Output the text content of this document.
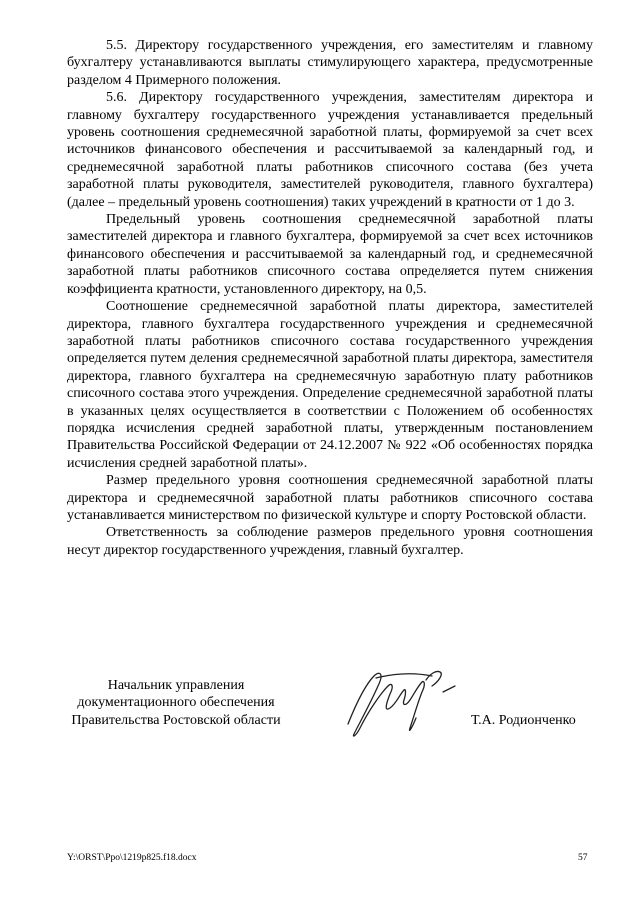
5.5. Директору государственного учреждения, его заместителям и главному бухгалтеру устанавливаются выплаты стимулирующего характера, предусмотренные разделом 4 Примерного положения.

5.6. Директору государственного учреждения, заместителям директора и главному бухгалтеру государственного учреждения устанавливается предельный уровень соотношения среднемесячной заработной платы, формируемой за счет всех источников финансового обеспечения и рассчитываемой за календарный год, и среднемесячной заработной платы работников списочного состава (без учета заработной платы руководителя, заместителей руководителя, главного бухгалтера) (далее – предельный уровень соотношения) таких учреждений в кратности от 1 до 3.

Предельный уровень соотношения среднемесячной заработной платы заместителей директора и главного бухгалтера, формируемой за счет всех источников финансового обеспечения и рассчитываемой за календарный год, и среднемесячной заработной платы работников списочного состава определяется путем снижения коэффициента кратности, установленного директору, на 0,5.

Соотношение среднемесячной заработной платы директора, заместителей директора, главного бухгалтера государственного учреждения и среднемесячной заработной платы работников списочного состава государственного учреждения определяется путем деления среднемесячной заработной платы директора, заместителя директора, главного бухгалтера на среднемесячную заработную плату работников списочного состава этого учреждения. Определение среднемесячной заработной платы в указанных целях осуществляется в соответствии с Положением об особенностях порядка исчисления средней заработной платы, утвержденным постановлением Правительства Российской Федерации от 24.12.2007 № 922 «Об особенностях порядка исчисления средней заработной платы».

Размер предельного уровня соотношения среднемесячной заработной платы директора и среднемесячной заработной платы работников списочного состава устанавливается министерством по физической культуре и спорту Ростовской области.

Ответственность за соблюдение размеров предельного уровня соотношения несут директор государственного учреждения, главный бухгалтер.

Начальник управления
документационного обеспечения
Правительства Ростовской области	Т.А. Родионченко
Y:\ORST\Ppo\1219p825.f18.docx	57
